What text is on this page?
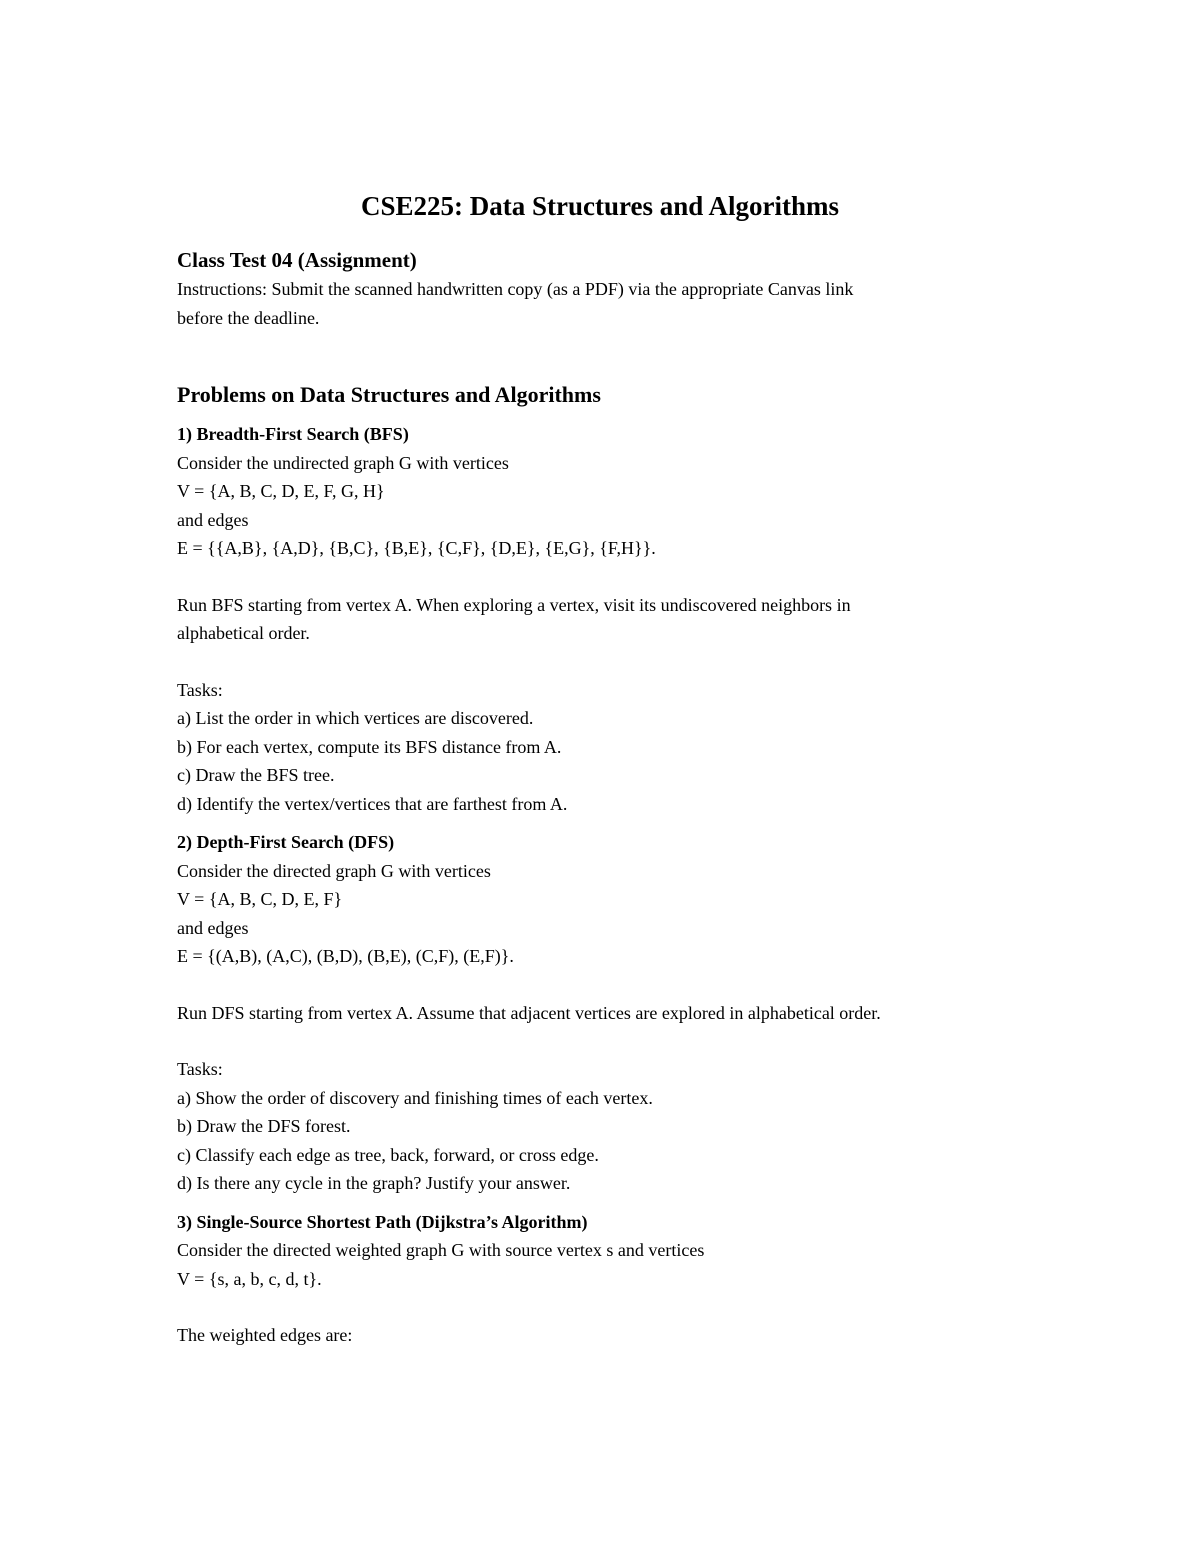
CSE225: Data Structures and Algorithms
Class Test 04 (Assignment)
Instructions: Submit the scanned handwritten copy (as a PDF) via the appropriate Canvas link
before the deadline.
Problems on Data Structures and Algorithms
1) Breadth-First Search (BFS)
Consider the undirected graph G with vertices
V = {A, B, C, D, E, F, G, H}
and edges
E = {{A,B}, {A,D}, {B,C}, {B,E}, {C,F}, {D,E}, {E,G}, {F,H}}.
Run BFS starting from vertex A. When exploring a vertex, visit its undiscovered neighbors in
alphabetical order.
Tasks:
a) List the order in which vertices are discovered.
b) For each vertex, compute its BFS distance from A.
c) Draw the BFS tree.
d) Identify the vertex/vertices that are farthest from A.
2) Depth-First Search (DFS)
Consider the directed graph G with vertices
V = {A, B, C, D, E, F}
and edges
E = {(A,B), (A,C), (B,D), (B,E), (C,F), (E,F)}.
Run DFS starting from vertex A. Assume that adjacent vertices are explored in alphabetical order.
Tasks:
a) Show the order of discovery and finishing times of each vertex.
b) Draw the DFS forest.
c) Classify each edge as tree, back, forward, or cross edge.
d) Is there any cycle in the graph? Justify your answer.
3) Single-Source Shortest Path (Dijkstra’s Algorithm)
Consider the directed weighted graph G with source vertex s and vertices
V = {s, a, b, c, d, t}.
The weighted edges are:
